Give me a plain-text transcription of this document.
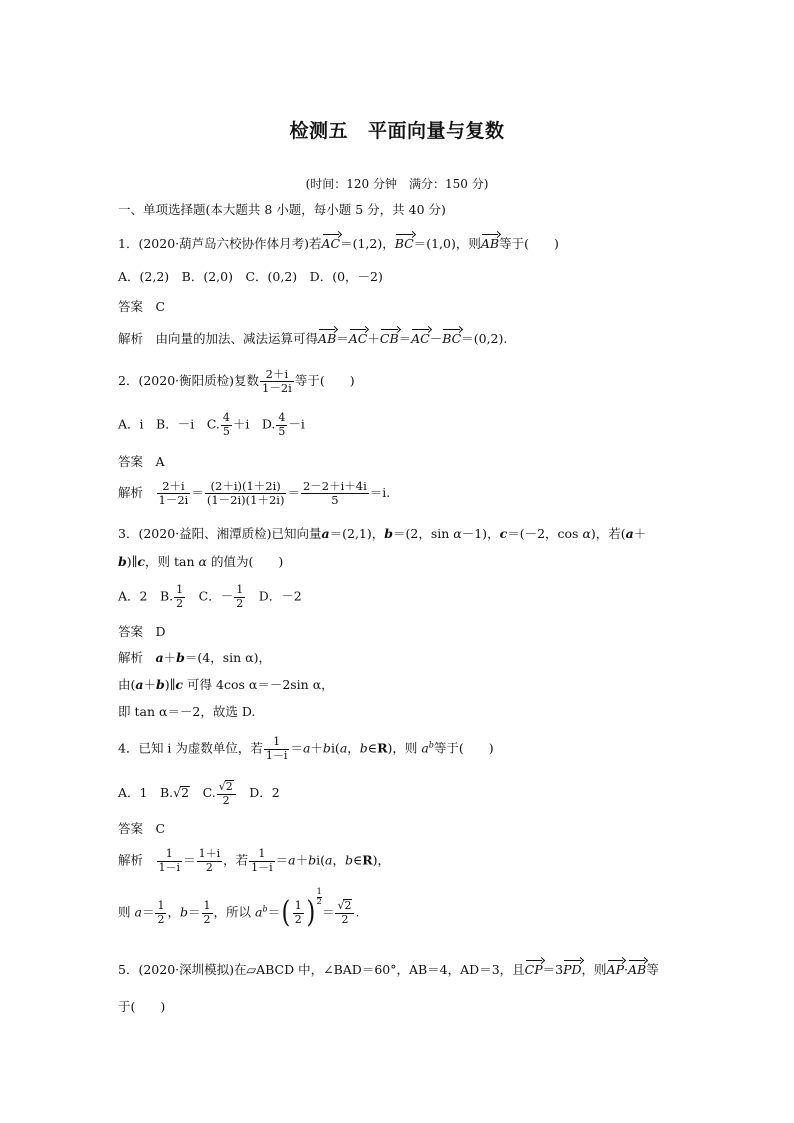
检测五 平面向量与复数
(时间：120 分钟 满分：150 分)
一、单项选择题(本大题共 8 小题，每小题 5 分，共 40 分)
1．(2020·葫芦岛六校协作体月考)若AC＝(1,2)，BC＝(1,0)，则AB等于(　　)
A．(2,2)　B．(2,0)　C．(0,2)　D．(0，－2)
答案　 C
解析　 由向量的加法、减法运算可得AB＝AC＋CB＝AC－BC＝(0,2).
2．(2020·衡阳质检)复数 $\frac{2+i}{1-2i}$ 等于(　　)
A．i　B．－i　C. $\frac{4}{5} +i$　D. $\frac{4}{5} -i$
答案　 A
解析　 $\frac{2+i}{1-2i} = \frac{(2+i)(1+2i)}{(1-2i)(1+2i)} = \frac{2-2+i+4i}{5} =i$.
3．(2020·益阳、湘潭质检)已知向量a＝(2,1)，b＝(2，sin α－1)，c＝(－2，cos α)，若(a＋
b)∥c，则 tan α 的值为(　　)
A．2　B. $\frac{1}{2}$
　 C．－ $\frac{1}{2}$
　 D．－2
答案　 D
解析　 a＋b＝(4，sin α)，
由(a＋b)∥c 可得 4cos α＝－2sin α，
即 tan α＝－2，故选 D.
4．已知 i 为虚数单位，若 $\frac{1}{1-i} =a+bi(a$，b∈R)，则 $a^b$等于(　　)
A．1　B.√2　 C. $\frac{√2}{2}$
　 D．2
答案　 C
解析　 $\frac{1}{1-i} = \frac{1+i}{2}$ ，若 $\frac{1}{1-i} =a+bi(a$，b∈R)，
则 $a= \frac{1}{2}$ ，$b= \frac{1}{2}$ ，所以 $a^b=( \frac{1}{2}$ ) $\frac{1}{2}$
＝ $\frac{√2}{2}$ .
5．(2020·深圳模拟)在▱ABCD 中，∠BAD＝60°，AB＝4，AD＝3，且CP＝3PD，则AP·AB等
于(　　)
